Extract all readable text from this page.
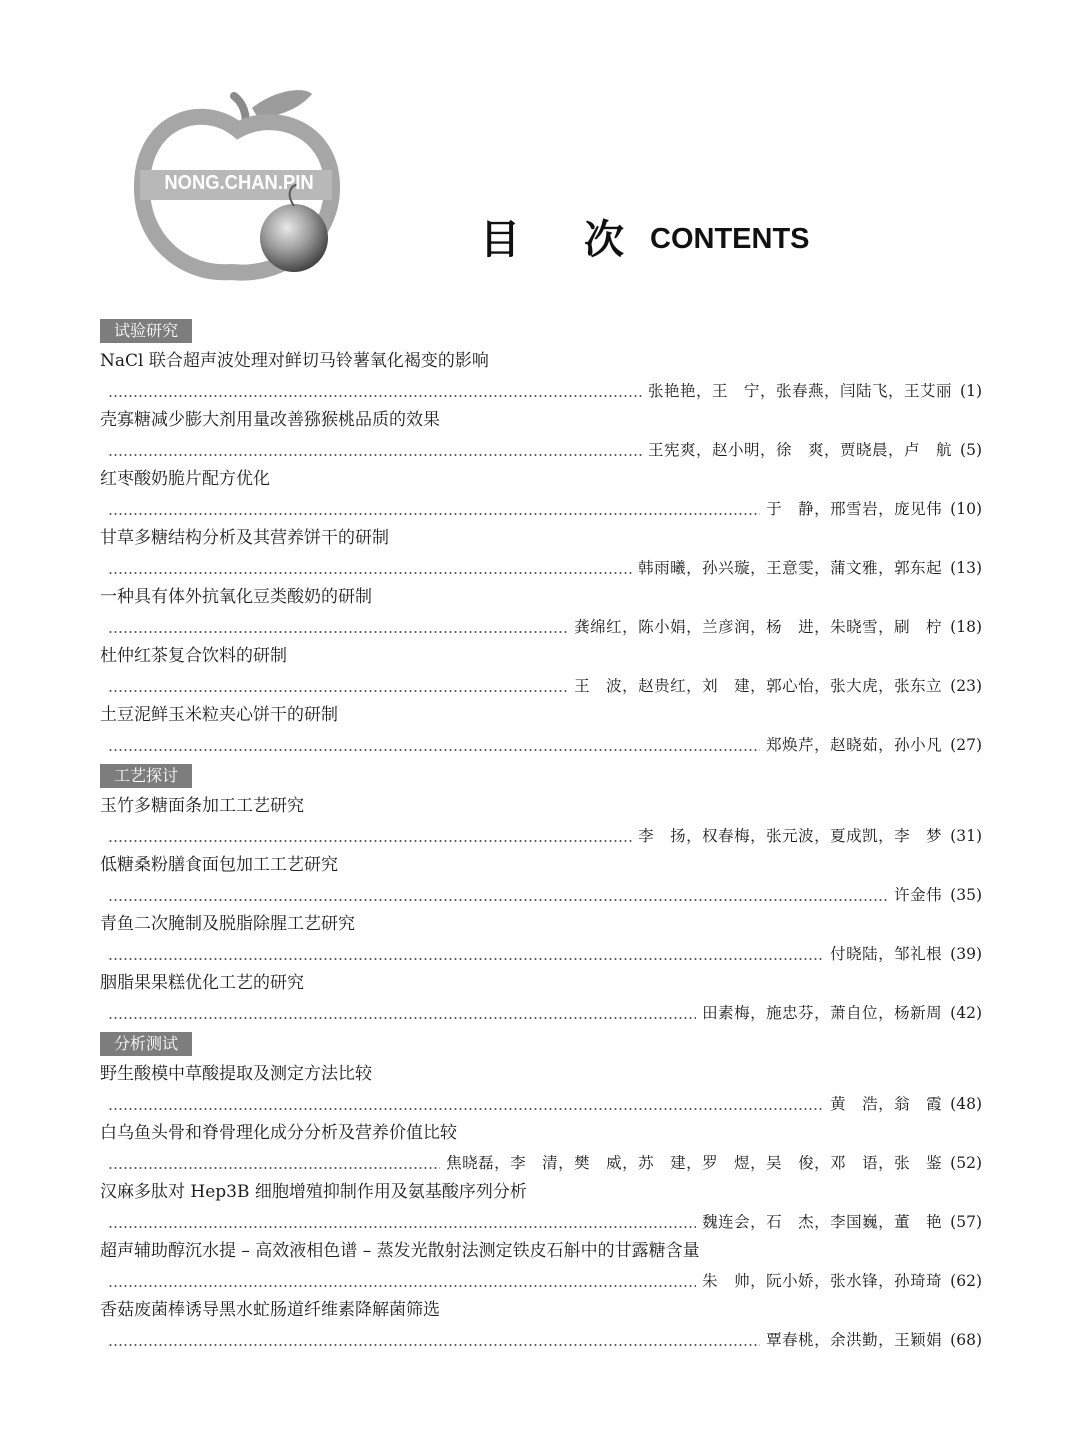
NONG.CHAN.PIN
目 次 CONTENTS
试验研究
NaCl 联合超声波处理对鲜切马铃薯氧化褐变的影响
张艳艳，王　宁，张春燕，闫陆飞，王艾丽 (1)
壳寡糖减少膨大剂用量改善猕猴桃品质的效果
王宪爽，赵小明，徐　爽，贾晓晨，卢　航 (5)
红枣酸奶脆片配方优化
于　静，邢雪岩，庞见伟 (10)
甘草多糖结构分析及其营养饼干的研制
韩雨曦，孙兴璇，王意雯，蒲文雅，郭东起 (13)
一种具有体外抗氧化豆类酸奶的研制
龚绵红，陈小娟，兰彦润，杨　进，朱晓雪，刷　柠 (18)
杜仲红茶复合饮料的研制
王　波，赵贵红，刘　建，郭心怡，张大虎，张东立 (23)
土豆泥鲜玉米粒夹心饼干的研制
郑焕芹，赵晓茹，孙小凡 (27)
工艺探讨
玉竹多糖面条加工工艺研究
李　扬，权春梅，张元波，夏成凯，李　梦 (31)
低糖桑粉膳食面包加工工艺研究
许金伟 (35)
青鱼二次腌制及脱脂除腥工艺研究
付晓陆，邹礼根 (39)
胭脂果果糕优化工艺的研究
田素梅，施忠芬，萧自位，杨新周 (42)
分析测试
野生酸模中草酸提取及测定方法比较
黄　浩，翁　霞 (48)
白乌鱼头骨和脊骨理化成分分析及营养价值比较
焦晓磊，李　清，樊　威，苏　建，罗　煜，吴　俊，邓　语，张　鉴 (52)
汉麻多肽对 Hep3B 细胞增殖抑制作用及氨基酸序列分析
魏连会，石　杰，李国巍，董　艳 (57)
超声辅助醇沉水提 – 高效液相色谱 – 蒸发光散射法测定铁皮石斛中的甘露糖含量
朱　帅，阮小娇，张水锋，孙琦琦 (62)
香菇废菌棒诱导黑水虻肠道纤维素降解菌筛选
覃春桃，余洪勤，王颖娟 (68)
